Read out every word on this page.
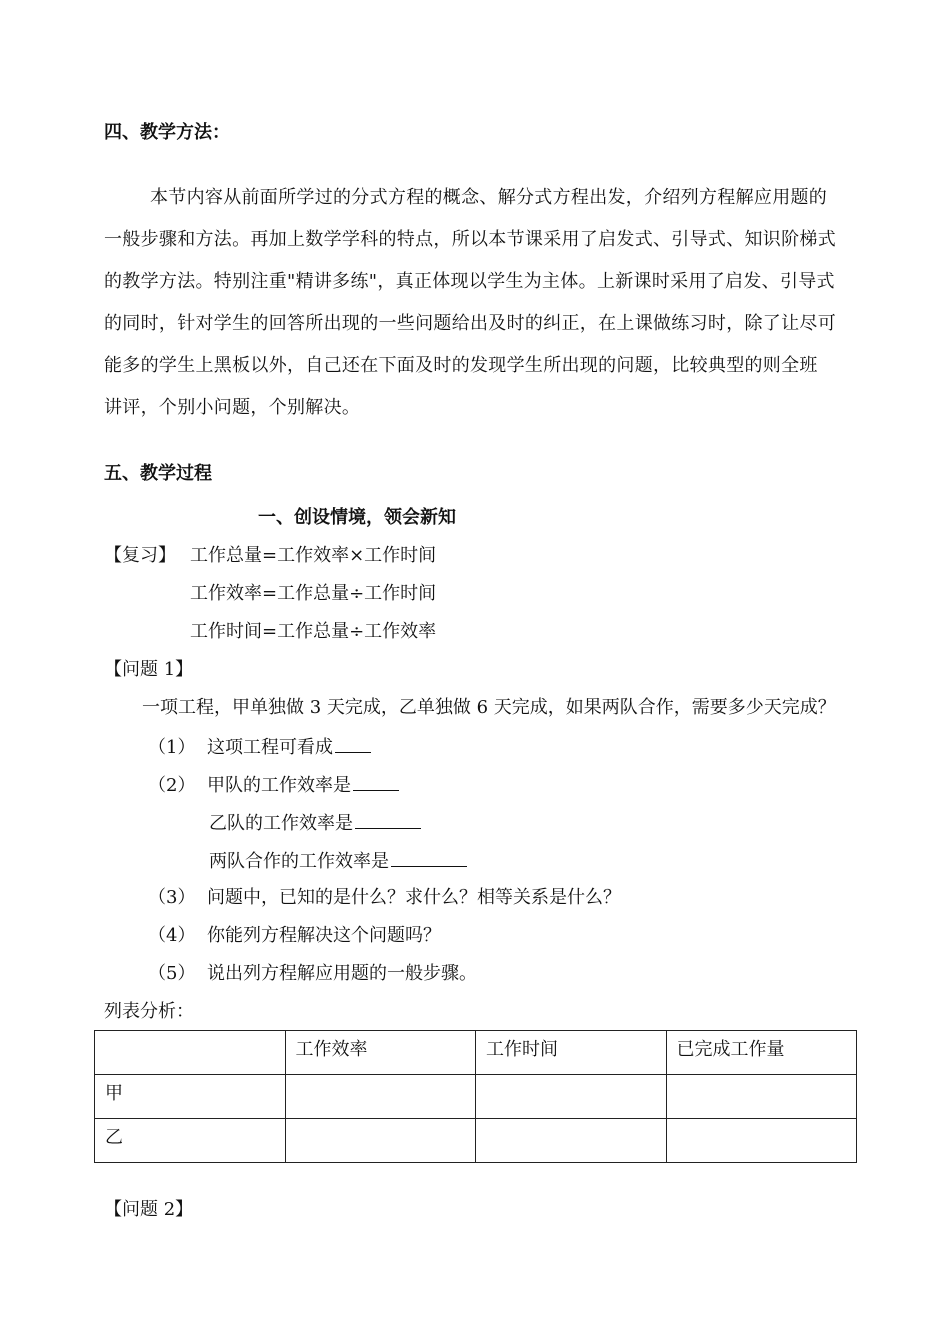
四、教学方法：
本节内容从前面所学过的分式方程的概念、解分式方程出发，介绍列方程解应用题的
一般步骤和方法。再加上数学学科的特点，所以本节课采用了启发式、引导式、知识阶梯式
的教学方法。特别注重"精讲多练"，真正体现以学生为主体。上新课时采用了启发、引导式
的同时，针对学生的回答所出现的一些问题给出及时的纠正，在上课做练习时，除了让尽可
能多的学生上黑板以外，自己还在下面及时的发现学生所出现的问题，比较典型的则全班
讲评，个别小问题，个别解决。
五、教学过程
一、创设情境，领会新知
【复习】 工作总量=工作效率×工作时间
工作效率=工作总量÷工作时间
工作时间=工作总量÷工作效率
【问题 1】
一项工程，甲单独做 3 天完成，乙单独做 6 天完成，如果两队合作，需要多少天完成？
（1） 这项工程可看成
（2） 甲队的工作效率是
乙队的工作效率是
两队合作的工作效率是
（3） 问题中，已知的是什么？求什么？相等关系是什么？
（4） 你能列方程解决这个问题吗？
（5） 说出列方程解应用题的一般步骤。
列表分析：
	工作效率	工作时间	已完成工作量
甲			
乙			
【问题 2】
